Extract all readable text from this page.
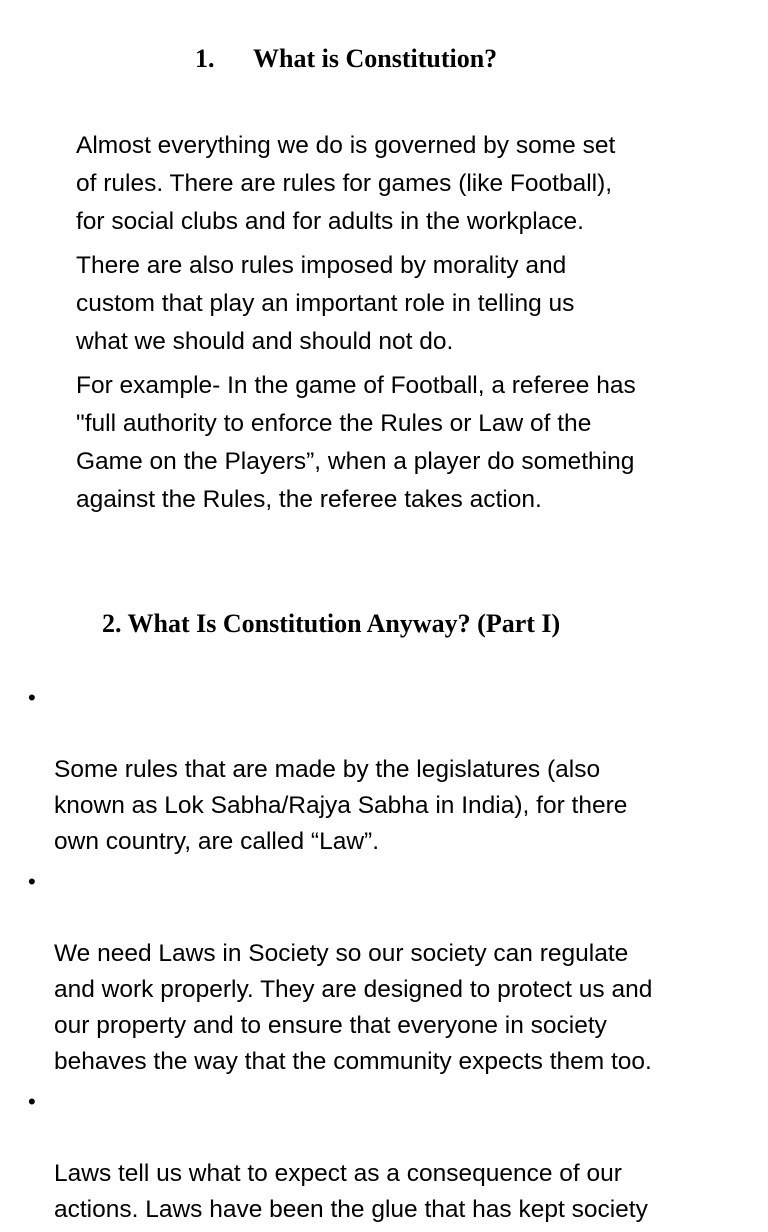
1. What is Constitution?

Almost everything we do is governed by some set
of rules. There are rules for games (like Football),
for social clubs and for adults in the workplace.

There are also rules imposed by morality and
custom that play an important role in telling us
what we should and should not do.

For example- In the game of Football, a referee has
"full authority to enforce the Rules or Law of the
Game on the Players”, when a player do something
against the Rules, the referee takes action.

2. What Is Constitution Anyway? (Part I)

•

Some rules that are made by the legislatures (also
known as Lok Sabha/Rajya Sabha in India), for there
own country, are called “Law”.

•

We need Laws in Society so our society can regulate
and work properly. They are designed to protect us and
our property and to ensure that everyone in society
behaves the way that the community expects them too.

•

Laws tell us what to expect as a consequence of our
actions. Laws have been the glue that has kept society
